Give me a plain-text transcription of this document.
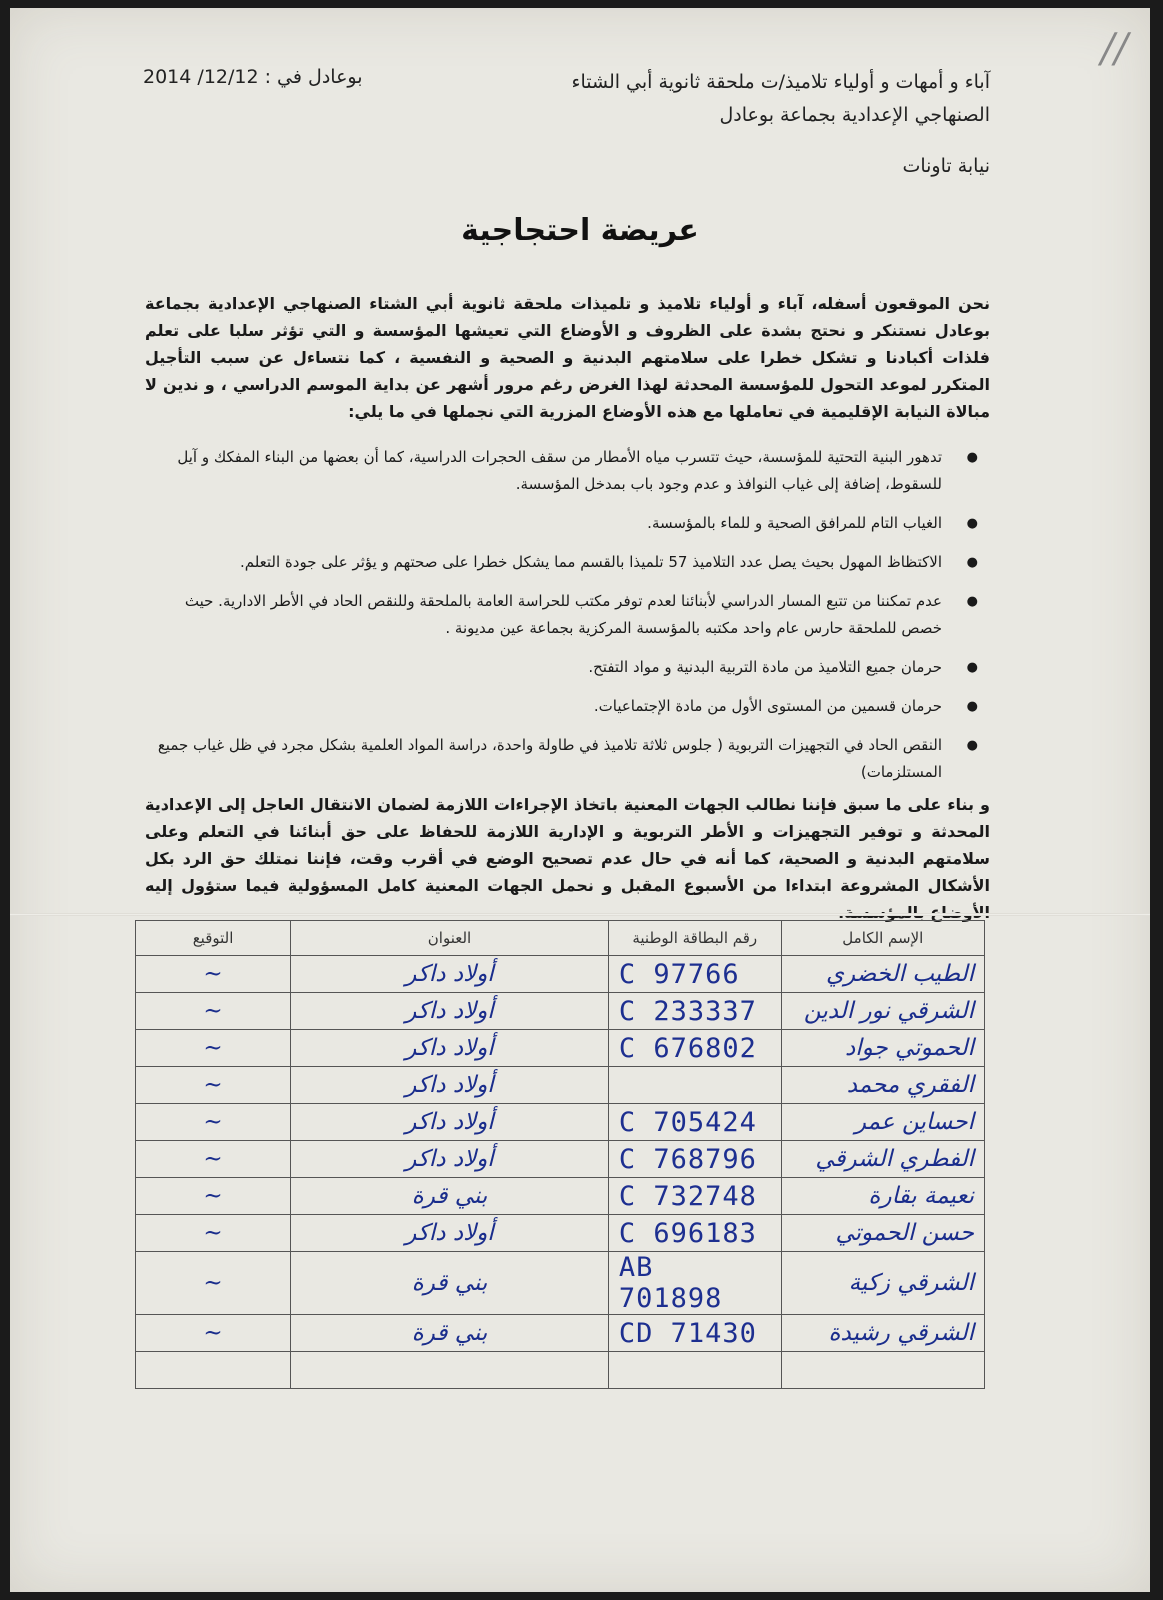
//
آباء و أمهات و أولياء تلاميذ/ت ملحقة ثانوية أبي الشتاء
الصنهاجي الإعدادية بجماعة بوعادل
نيابة تاونات
بوعادل في : 12/12/ 2014
عريضة احتجاجية

نحن الموقعون أسفله، آباء و أولياء تلاميذ و تلميذات ملحقة ثانوية أبي الشتاء الصنهاجي الإعدادية بجماعة بوعادل نستنكر و نحتج بشدة على الظروف و الأوضاع التي تعيشها المؤسسة و التي تؤثر سلبا على تعلم فلذات أكبادنا و تشكل خطرا على سلامتهم البدنية و الصحية و النفسية ، كما نتساءل عن سبب التأجيل المتكرر لموعد التحول للمؤسسة المحدثة لهذا الغرض رغم مرور أشهر عن بداية الموسم الدراسي ، و ندين لا مبالاة النيابة الإقليمية في تعاملها مع هذه الأوضاع المزرية التي نجملها في ما يلي:

● تدهور البنية التحتية للمؤسسة، حيث تتسرب مياه الأمطار من سقف الحجرات الدراسية، كما أن بعضها من البناء المفكك و آيل للسقوط، إضافة إلى غياب النوافذ و عدم وجود باب بمدخل المؤسسة.
● الغياب التام للمرافق الصحية و للماء بالمؤسسة.
● الاكتظاظ المهول بحيث يصل عدد التلاميذ 57 تلميذا بالقسم مما يشكل خطرا على صحتهم و يؤثر على جودة التعلم.
● عدم تمكننا من تتبع المسار الدراسي لأبنائنا لعدم توفر مكتب للحراسة العامة بالملحقة وللنقص الحاد في الأطر الادارية. حيث خصص للملحقة حارس عام واحد مكتبه بالمؤسسة المركزية بجماعة عين مديونة .
● حرمان جميع التلاميذ من مادة التربية البدنية و مواد التفتح.
● حرمان قسمين من المستوى الأول من مادة الإجتماعيات.
● النقص الحاد في التجهيزات التربوية ( جلوس ثلاثة تلاميذ في طاولة واحدة، دراسة المواد العلمية بشكل مجرد في ظل غياب جميع المستلزمات)

و بناء على ما سبق فإننا نطالب الجهات المعنية باتخاذ الإجراءات اللازمة لضمان الانتقال العاجل إلى الإعدادية المحدثة و توفير التجهيزات و الأطر التربوية و الإدارية اللازمة للحفاظ على حق أبنائنا في التعلم وعلى سلامتهم البدنية و الصحية، كما أنه في حال عدم تصحيح الوضع في أقرب وقت، فإننا نمتلك حق الرد بكل الأشكال المشروعة ابتداءا من الأسبوع المقبل و نحمل الجهات المعنية كامل المسؤولية فيما ستؤول إليه

الإسم الكامل	رقم البطاقة الوطنية	العنوان	التوقيع
الطيب الخضري	C 97766	أولاد داكر	~
الشرقي نور الدين	C 233337	أولاد داكر	~
الحموتي جواد	C 676802	أولاد داكر	~
الفقري محمد		أولاد داكر	~
احساين عمر	C 705424	أولاد داكر	~
الفطري الشرقي	C 768796	أولاد داكر	~
نعيمة بقارة	C 732748	بني قرة	~
حسن الحموتي	C 696183	أولاد داكر	~
الشرقي زكية	AB 701898	بني قرة	~
الشرقي رشيدة	CD 71430	بني قرة	~
